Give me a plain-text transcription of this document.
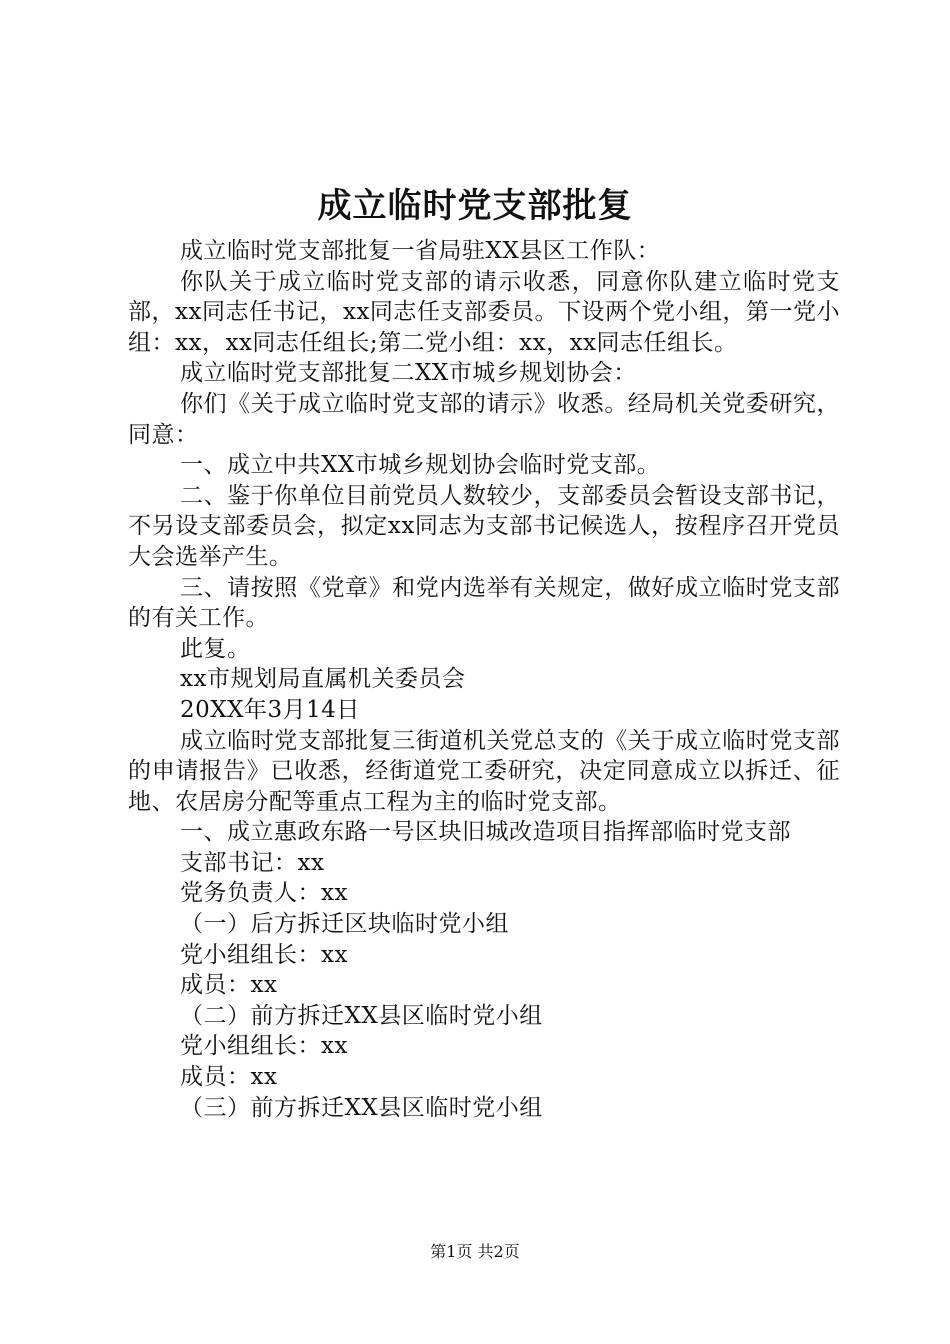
成立临时党支部批复

成立临时党支部批复一省局驻XX县区工作队：

你队关于成立临时党支部的请示收悉，同意你队建立临时党支部，xx同志任书记，xx同志任支部委员。下设两个党小组，第一党小组：xx，xx同志任组长;第二党小组：xx，xx同志任组长。

成立临时党支部批复二XX市城乡规划协会：

你们《关于成立临时党支部的请示》收悉。经局机关党委研究，同意：

一、成立中共XX市城乡规划协会临时党支部。

二、鉴于你单位目前党员人数较少，支部委员会暂设支部书记，不另设支部委员会，拟定xx同志为支部书记候选人，按程序召开党员大会选举产生。

三、请按照《党章》和党内选举有关规定，做好成立临时党支部的有关工作。

此复。

xx市规划局直属机关委员会

20XX年3月14日

成立临时党支部批复三街道机关党总支的《关于成立临时党支部的申请报告》已收悉，经街道党工委研究，决定同意成立以拆迁、征地、农居房分配等重点工程为主的临时党支部。

一、成立惠政东路一号区块旧城改造项目指挥部临时党支部

支部书记：xx

党务负责人：xx

（一）后方拆迁区块临时党小组

党小组组长：xx

成员：xx

（二）前方拆迁XX县区临时党小组

党小组组长：xx

成员：xx

（三）前方拆迁XX县区临时党小组

第1页 共2页
